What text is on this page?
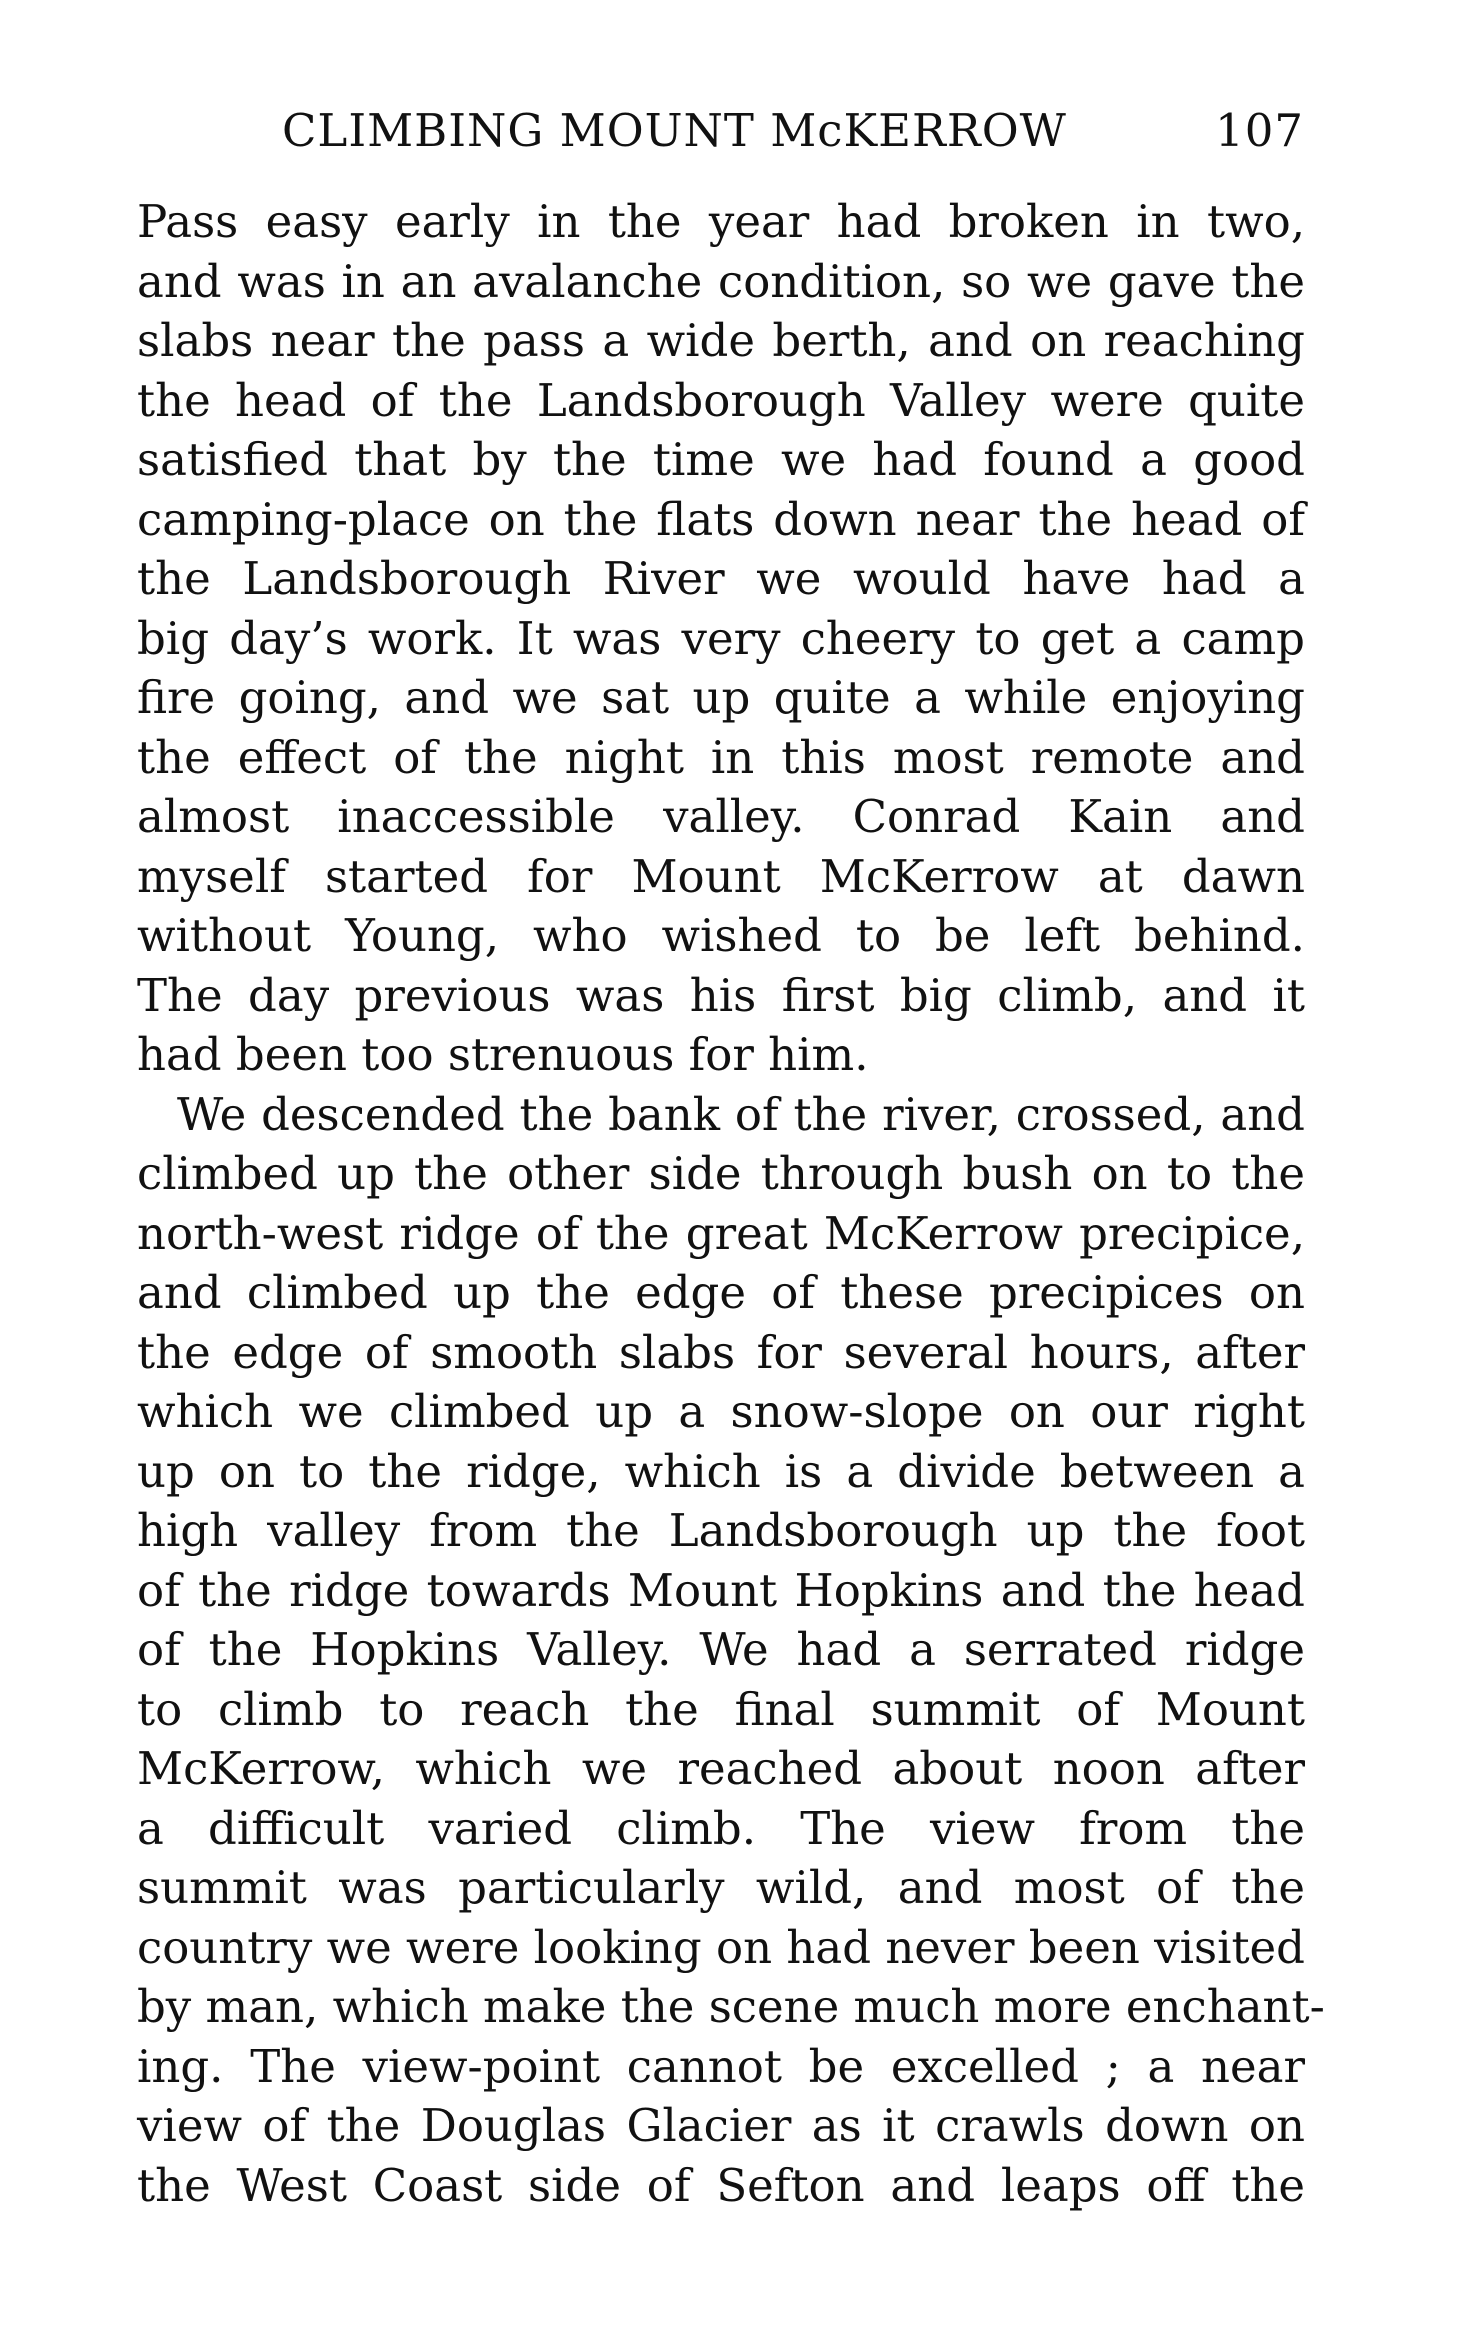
CLIMBING MOUNT McKERROW	107
Pass easy early in the year had broken in two,
and was in an avalanche condition, so we gave the
slabs near the pass a wide berth, and on reaching
the head of the Landsborough Valley were quite
satisfied that by the time we had found a good
camping-place on the flats down near the head of
the Landsborough River we would have had a
big day’s work. It was very cheery to get a camp
fire going, and we sat up quite a while enjoying
the effect of the night in this most remote and
almost inaccessible valley. Conrad Kain and
myself started for Mount McKerrow at dawn
without Young, who wished to be left behind.
The day previous was his first big climb, and it
had been too strenuous for him.
We descended the bank of the river, crossed, and
climbed up the other side through bush on to the
north-west ridge of the great McKerrow precipice,
and climbed up the edge of these precipices on
the edge of smooth slabs for several hours, after
which we climbed up a snow-slope on our right
up on to the ridge, which is a divide between a
high valley from the Landsborough up the foot
of the ridge towards Mount Hopkins and the head
of the Hopkins Valley. We had a serrated ridge
to climb to reach the final summit of Mount
McKerrow, which we reached about noon after
a difficult varied climb. The view from the
summit was particularly wild, and most of the
country we were looking on had never been visited
by man, which make the scene much more enchant-
ing. The view-point cannot be excelled ; a near
view of the Douglas Glacier as it crawls down on
the West Coast side of Sefton and leaps off the
